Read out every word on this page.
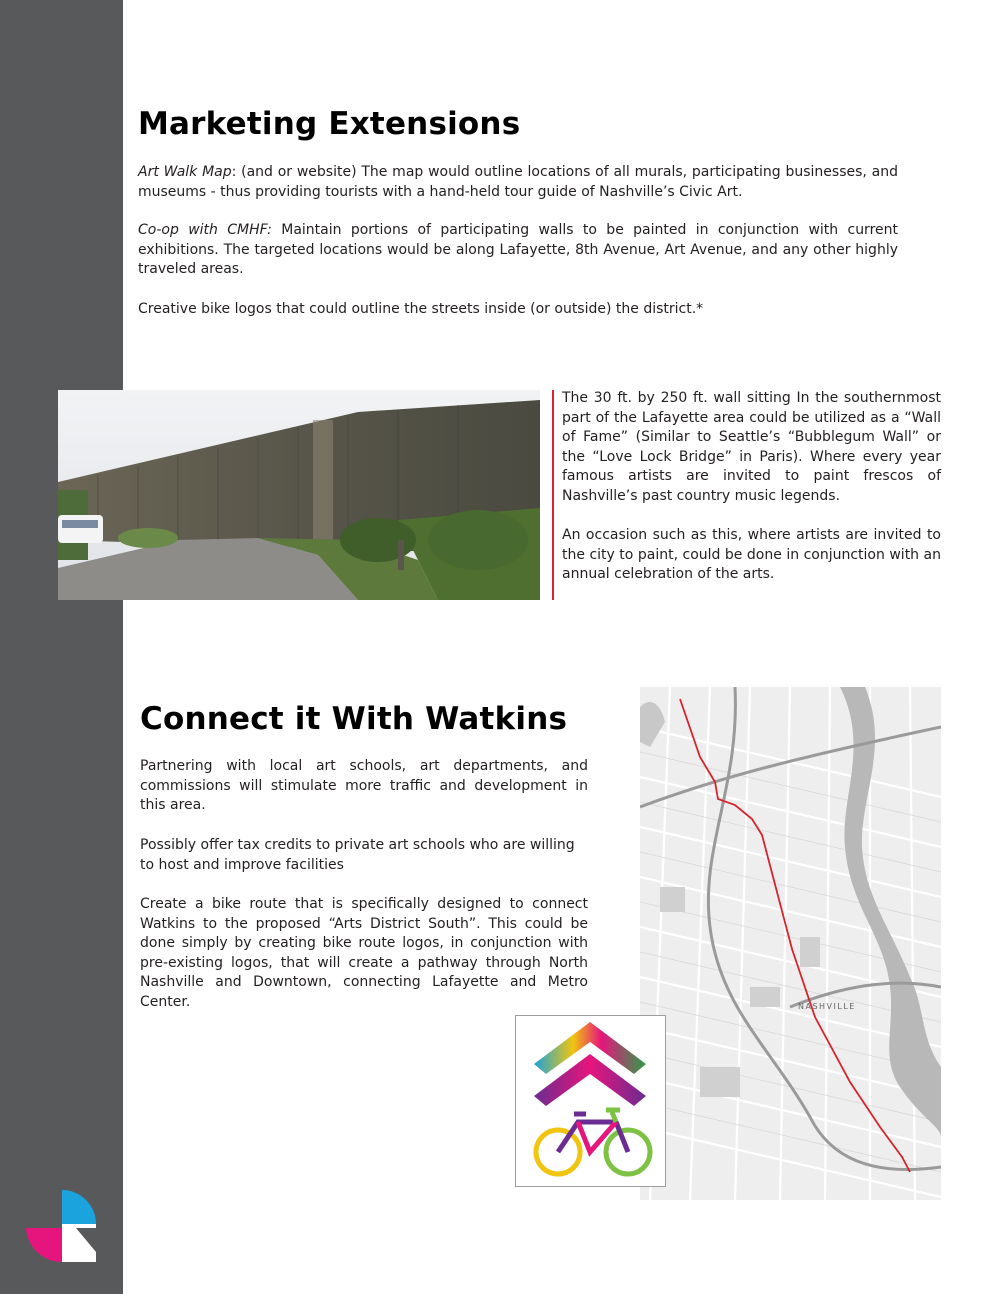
Marketing Extensions

Art Walk Map: (and or website) The map would outline locations of all murals, participating businesses, and museums - thus providing tourists with a hand-held tour guide of Nashville’s Civic Art.

Co-op with CMHF: Maintain portions of participating walls to be painted in conjunction with current exhibitions. The targeted locations would be along Lafayette, 8th Avenue, Art Avenue, and any other highly traveled areas.

Creative bike logos that could outline the streets inside (or outside) the district.*

The 30 ft. by 250 ft. wall sitting In the southernmost part of the Lafayette area could be utilized as a “Wall of Fame” (Similar to Seattle’s “Bubblegum Wall” or the “Love Lock Bridge” in Paris). Where every year famous artists are invited to paint frescos of Nashville’s past country music legends.

An occasion such as this, where artists are invited to the city to paint, could be done in conjunction with an annual celebration of the arts.

Connect it With Watkins

Partnering with local art schools, art departments, and commissions will stimulate more traffic and development in this area.

Possibly offer tax credits to private art schools who are willing to host and improve facilities

Create a bike route that is specifically designed to connect Watkins to the proposed “Arts District South”. This could be done simply by creating bike route logos, in conjunction with pre-existing logos, that will create a pathway through North Nashville and Downtown, connecting Lafayette and Metro Center.	NASHVILLE
